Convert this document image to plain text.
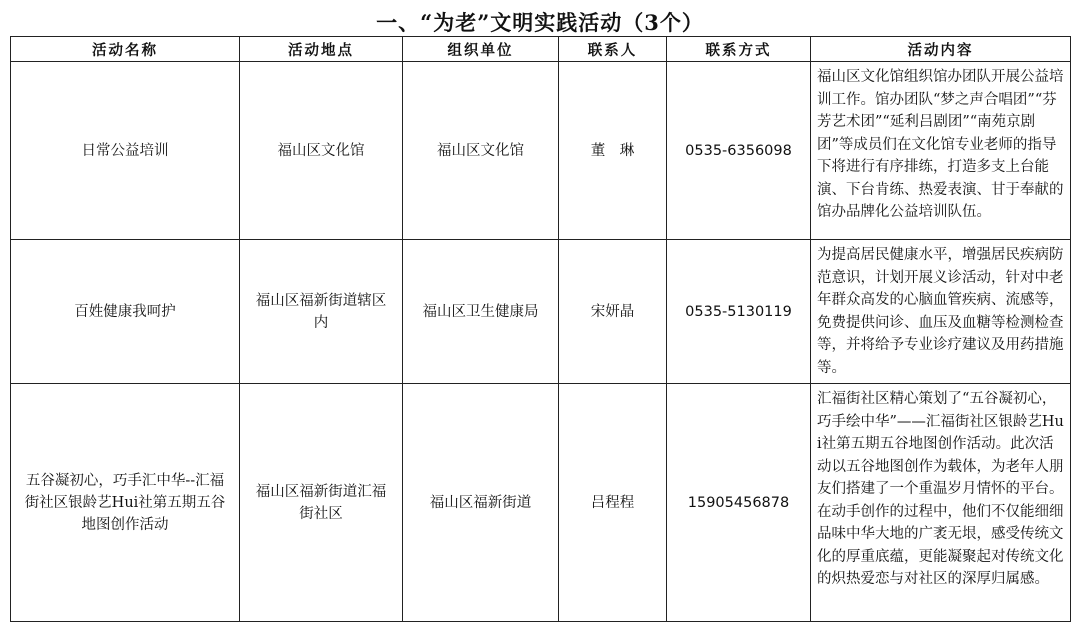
一、“为老”文明实践活动（3个）
活动名称	活动地点	组织单位	联系人	联系方式	活动内容
日常公益培训	福山区文化馆	福山区文化馆	董　琳	0535-6356098	福山区文化馆组织馆办团队开展公益培训工作。馆办团队“梦之声合唱团”“芬芳艺术团”“延利吕剧团”“南苑京剧团”等成员们在文化馆专业老师的指导下将进行有序排练，打造多支上台能演、下台肯练、热爱表演、甘于奉献的馆办品牌化公益培训队伍。
百姓健康我呵护	福山区福新街道辖区内	福山区卫生健康局	宋妍晶	0535-5130119	为提高居民健康水平，增强居民疾病防范意识，计划开展义诊活动，针对中老年群众高发的心脑血管疾病、流感等，免费提供问诊、血压及血糖等检测检查等，并将给予专业诊疗建议及用药措施等。
五谷凝初心，巧手汇中华--汇福街社区银龄艺Hui社第五期五谷地图创作活动	福山区福新街道汇福街社区	福山区福新街道	吕程程	15905456878	汇福街社区精心策划了“五谷凝初心，巧手绘中华”——汇福街社区银龄艺Hui社第五期五谷地图创作活动。此次活动以五谷地图创作为载体，为老年人朋友们搭建了一个重温岁月情怀的平台。在动手创作的过程中，他们不仅能细细品味中华大地的广袤无垠，感受传统文化的厚重底蕴，更能凝聚起对传统文化的炽热爱恋与对社区的深厚归属感。
